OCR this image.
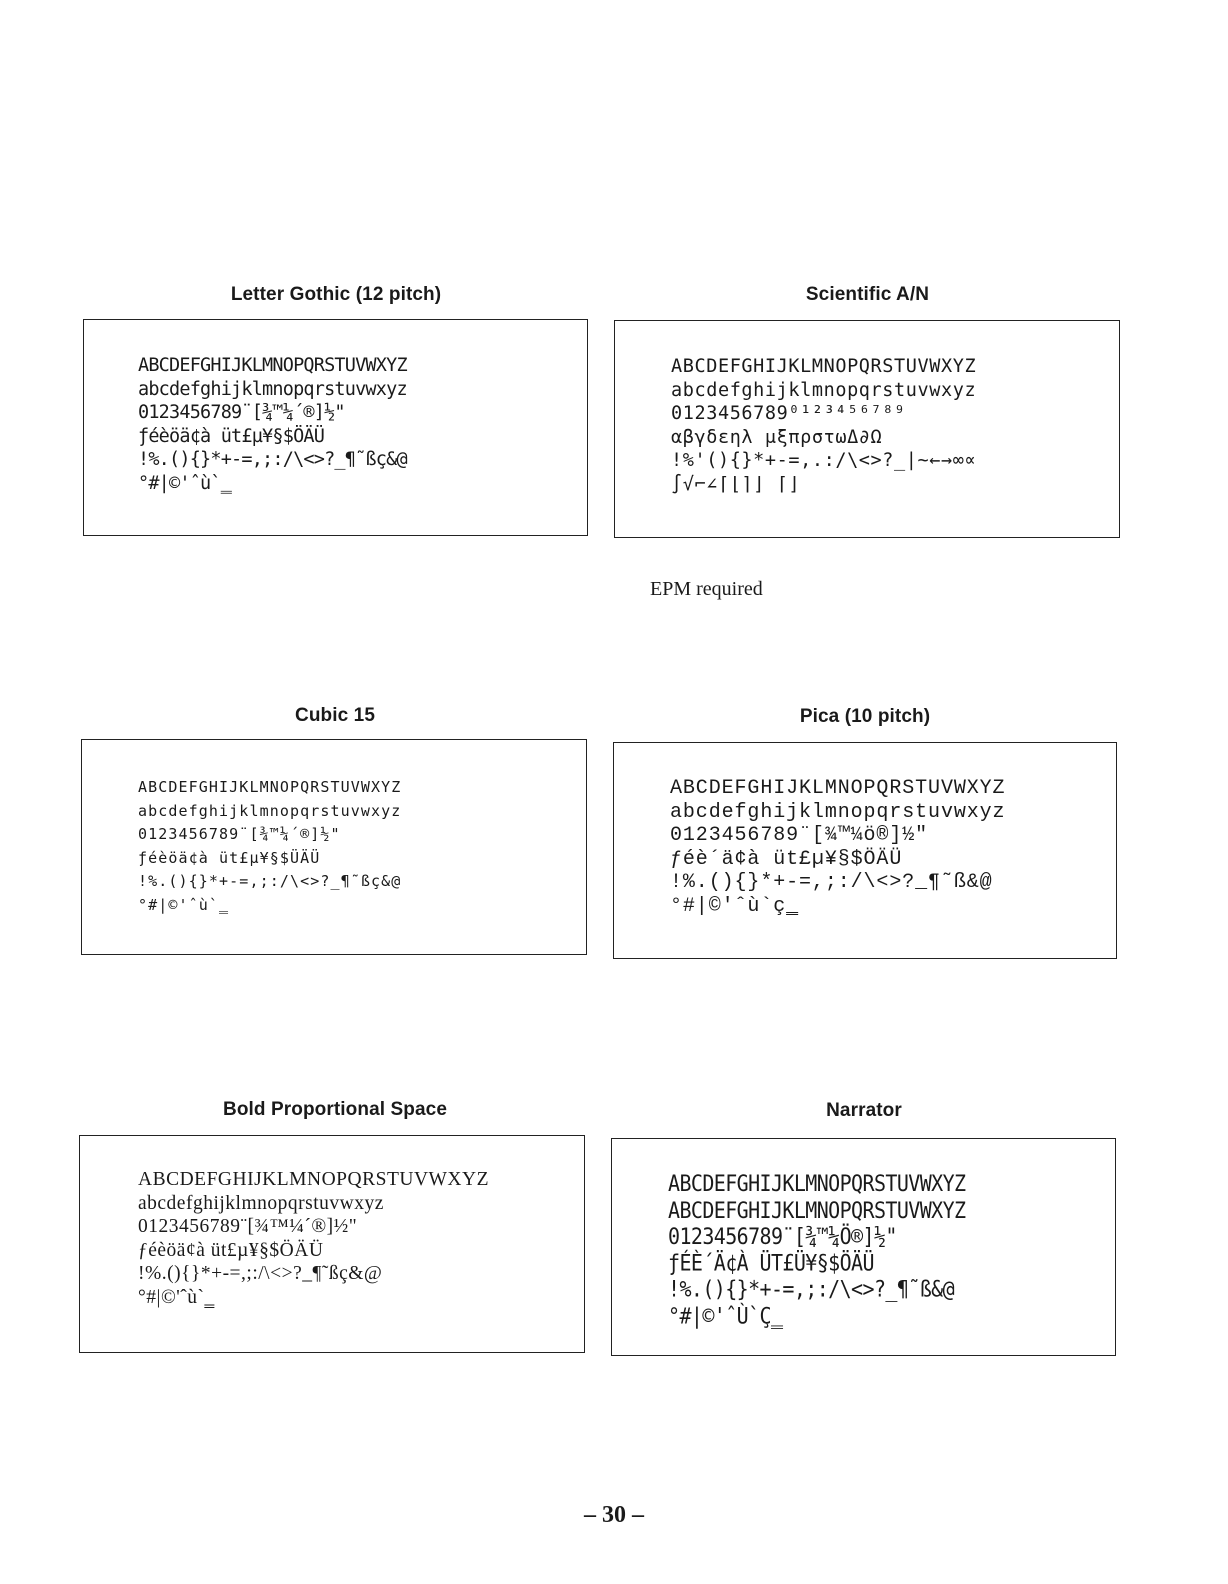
Letter Gothic (12 pitch)
ABCDEFGHIJKLMNOPQRSTUVWXYZ
abcdefghijklmnopqrstuvwxyz
0123456789¨[¾™¼´®]½"
ƒéèöä¢à üt£µ¥§$ÖÄÜ
!%.(){}*+-=,;:/\<>?_¶˜ßç&@
°#|©'ˆù`‗
Scientific A/N
ABCDEFGHIJKLMNOPQRSTUVWXYZ
abcdefghijklmnopqrstuvwxyz
0123456789⁰¹²³⁴⁵⁶⁷⁸⁹
αβγδεηλ μξπρστωΔ∂Ω
!%'(){}*+-=,.:/\<>?_|~←→∞∝
∫√⌐∠⌈⌊⌉⌋ ⌈⌋
EPM required
Cubic 15
ABCDEFGHIJKLMNOPQRSTUVWXYZ
abcdefghijklmnopqrstuvwxyz
0123456789¨[¾™¼´®]½"
ƒéèöä¢à üt£µ¥§$ÜÄÜ
!%.(){}*+-=,;:/\<>?_¶˜ßç&@
°#|©'ˆù`‗
Pica (10 pitch)
ABCDEFGHIJKLMNOPQRSTUVWXYZ
abcdefghijklmnopqrstuvwxyz
0123456789¨[¾™¼ö®]½"
ƒéè´ä¢à üt£µ¥§$ÖÄÜ
!%.(){}*+-=,;:/\<>?_¶˜ß&@
°#|©'ˆù`ç‗
Bold Proportional Space
ABCDEFGHIJKLMNOPQRSTUVWXYZ
abcdefghijklmnopqrstuvwxyz
0123456789¨[¾™¼´®]½"
ƒéèöä¢à üt£µ¥§$ÖÄÜ
!%.(){}*+-=,;:/\<>?_¶˜ßç&@
°#|©'ˆù`‗
Narrator
ABCDEFGHIJKLMNOPQRSTUVWXYZ
ABCDEFGHIJKLMNOPQRSTUVWXYZ
0123456789¨[¾™¼Ö®]½"
ƒÉÈ´Ä¢À ÜT£Ü¥§$ÖÄÜ
!%.(){}*+-=,;:/\<>?_¶˜ß&@
°#|©'ˆÙ`Ç‗
– 30 –
